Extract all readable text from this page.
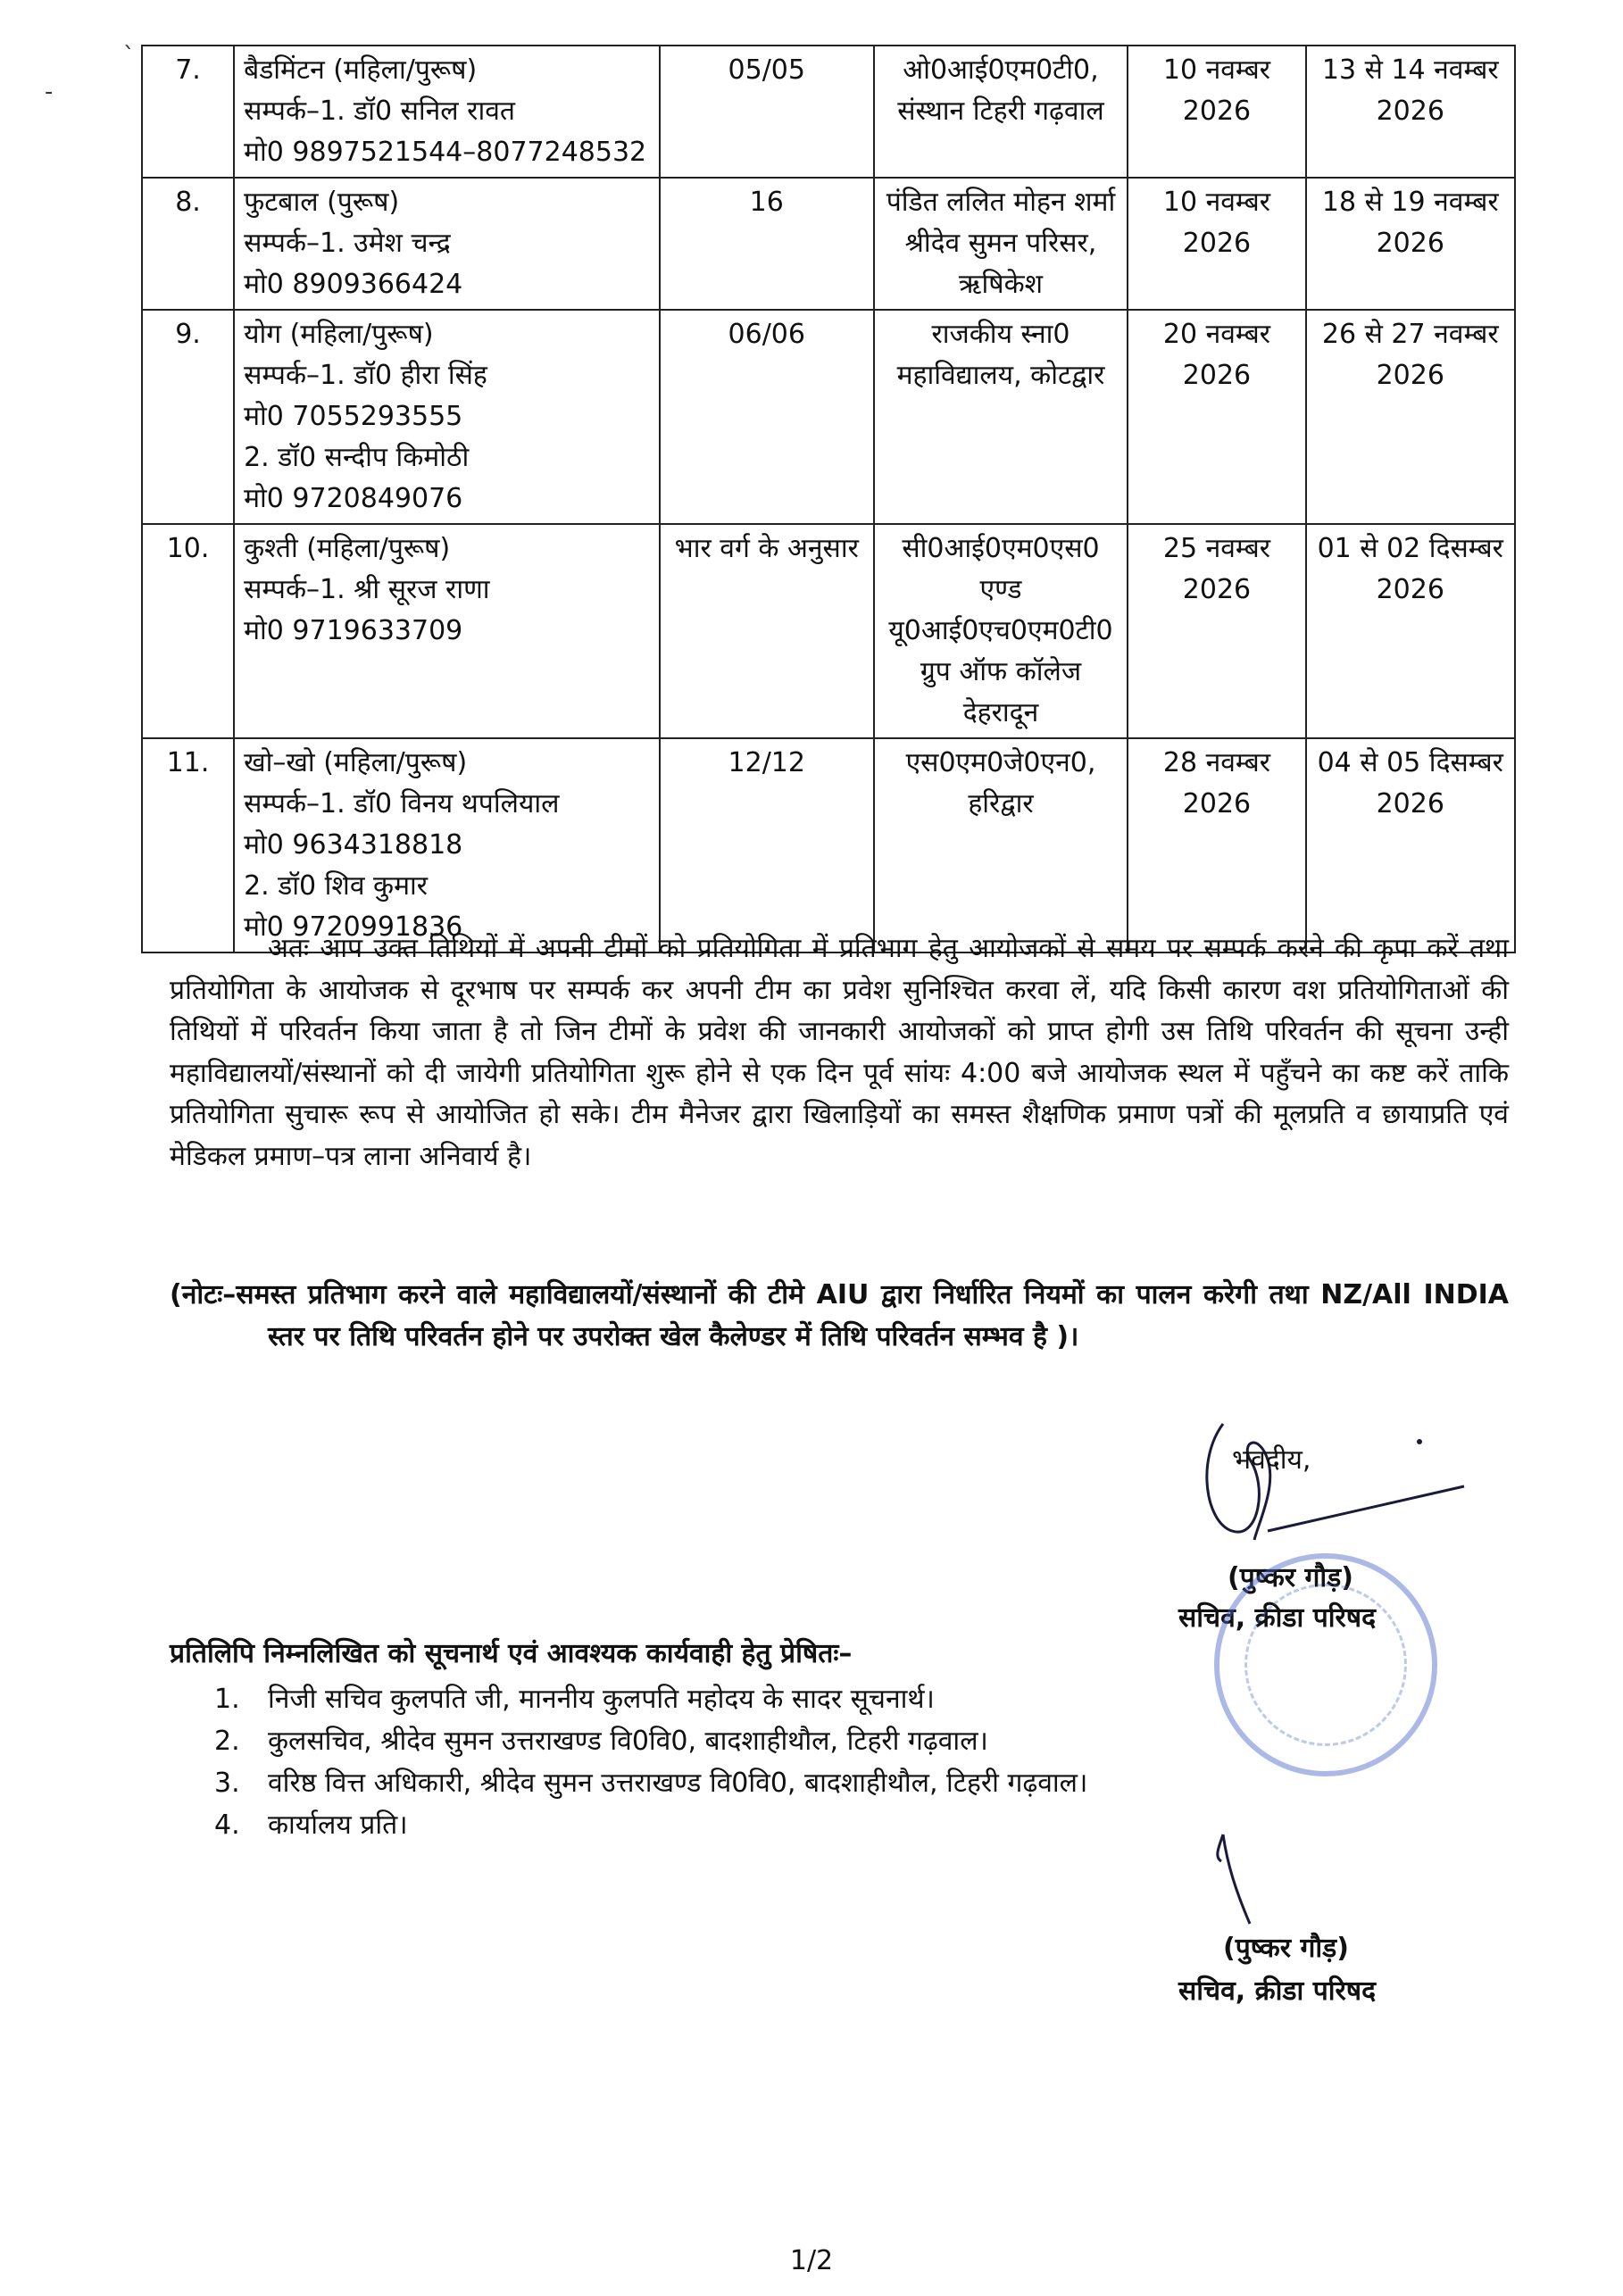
`
-
7.	बैडमिंटन (महिला/पुरूष)
सम्पर्क–1. डॉ0 सनिल रावत
मो0 9897521544–8077248532	05/05	ओ0आई0एम0टी0, संस्थान टिहरी गढ़वाल	10 नवम्बर 2026	13 से 14 नवम्बर 2026
8.	फुटबाल (पुरूष)
सम्पर्क–1. उमेश चन्द्र
मो0 8909366424	16	पंडित ललित मोहन शर्मा श्रीदेव सुमन परिसर, ऋषिकेश	10 नवम्बर 2026	18 से 19 नवम्बर 2026
9.	योग (महिला/पुरूष)
सम्पर्क–1. डॉ0 हीरा सिंह
मो0 7055293555
2. डॉ0 सन्दीप किमोठी
मो0 9720849076	06/06	राजकीय स्ना0 महाविद्यालय, कोटद्वार	20 नवम्बर 2026	26 से 27 नवम्बर 2026
10.	कुश्ती (महिला/पुरूष)
सम्पर्क–1. श्री सूरज राणा
मो0 9719633709	भार वर्ग के अनुसार	सी0आई0एम0एस0 एण्ड यू0आई0एच0एम0टी0 ग्रुप ऑफ कॉलेज देहरादून	25 नवम्बर 2026	01 से 02 दिसम्बर 2026
11.	खो–खो (महिला/पुरूष)
सम्पर्क–1. डॉ0 विनय थपलियाल
मो0 9634318818
2. डॉ0 शिव कुमार
मो0 9720991836	12/12	एस0एम0जे0एन0, हरिद्वार	28 नवम्बर 2026	04 से 05 दिसम्बर 2026
अतः आप उक्त तिथियों में अपनी टीमों को प्रतियोगिता में प्रतिभाग हेतु आयोजकों से समय पर सम्पर्क करने की कृपा करें तथा प्रतियोगिता के आयोजक से दूरभाष पर सम्पर्क कर अपनी टीम का प्रवेश सुनिश्चित करवा लें, यदि किसी कारण वश प्रतियोगिताओं की तिथियों में परिवर्तन किया जाता है तो जिन टीमों के प्रवेश की जानकारी आयोजकों को प्राप्त होगी उस तिथि परिवर्तन की सूचना उन्ही महाविद्यालयों/संस्थानों को दी जायेगी प्रतियोगिता शुरू होने से एक दिन पूर्व सांयः 4:00 बजे आयोजक स्थल में पहुँचने का कष्ट करें ताकि प्रतियोगिता सुचारू रूप से आयोजित हो सके। टीम मैनेजर द्वारा खिलाड़ियों का समस्त शैक्षणिक प्रमाण पत्रों की मूलप्रति व छायाप्रति एवं मेडिकल प्रमाण–पत्र लाना अनिवार्य है।
(नोटः–समस्त प्रतिभाग करने वाले महाविद्यालयों/संस्थानों की टीमे AIU द्वारा निर्धारित नियमों का पालन करेगी तथा NZ/All INDIA स्तर पर तिथि परिवर्तन होने पर उपरोक्त खेल कैलेण्डर में तिथि परिवर्तन सम्भव है )।
भवदीय,
(पुष्कर गौड़)
सचिव, क्रीडा परिषद
प्रतिलिपि निम्नलिखित को सूचनार्थ एवं आवश्यक कार्यवाही हेतु प्रेषितः–
1. निजी सचिव कुलपति जी, माननीय कुलपति महोदय के सादर सूचनार्थ।
2. कुलसचिव, श्रीदेव सुमन उत्तराखण्ड वि0वि0, बादशाहीथौल, टिहरी गढ़वाल।
3. वरिष्ठ वित्त अधिकारी, श्रीदेव सुमन उत्तराखण्ड वि0वि0, बादशाहीथौल, टिहरी गढ़वाल।
4. कार्यालय प्रति।
(पुष्कर गौड़)
सचिव, क्रीडा परिषद
1/2
